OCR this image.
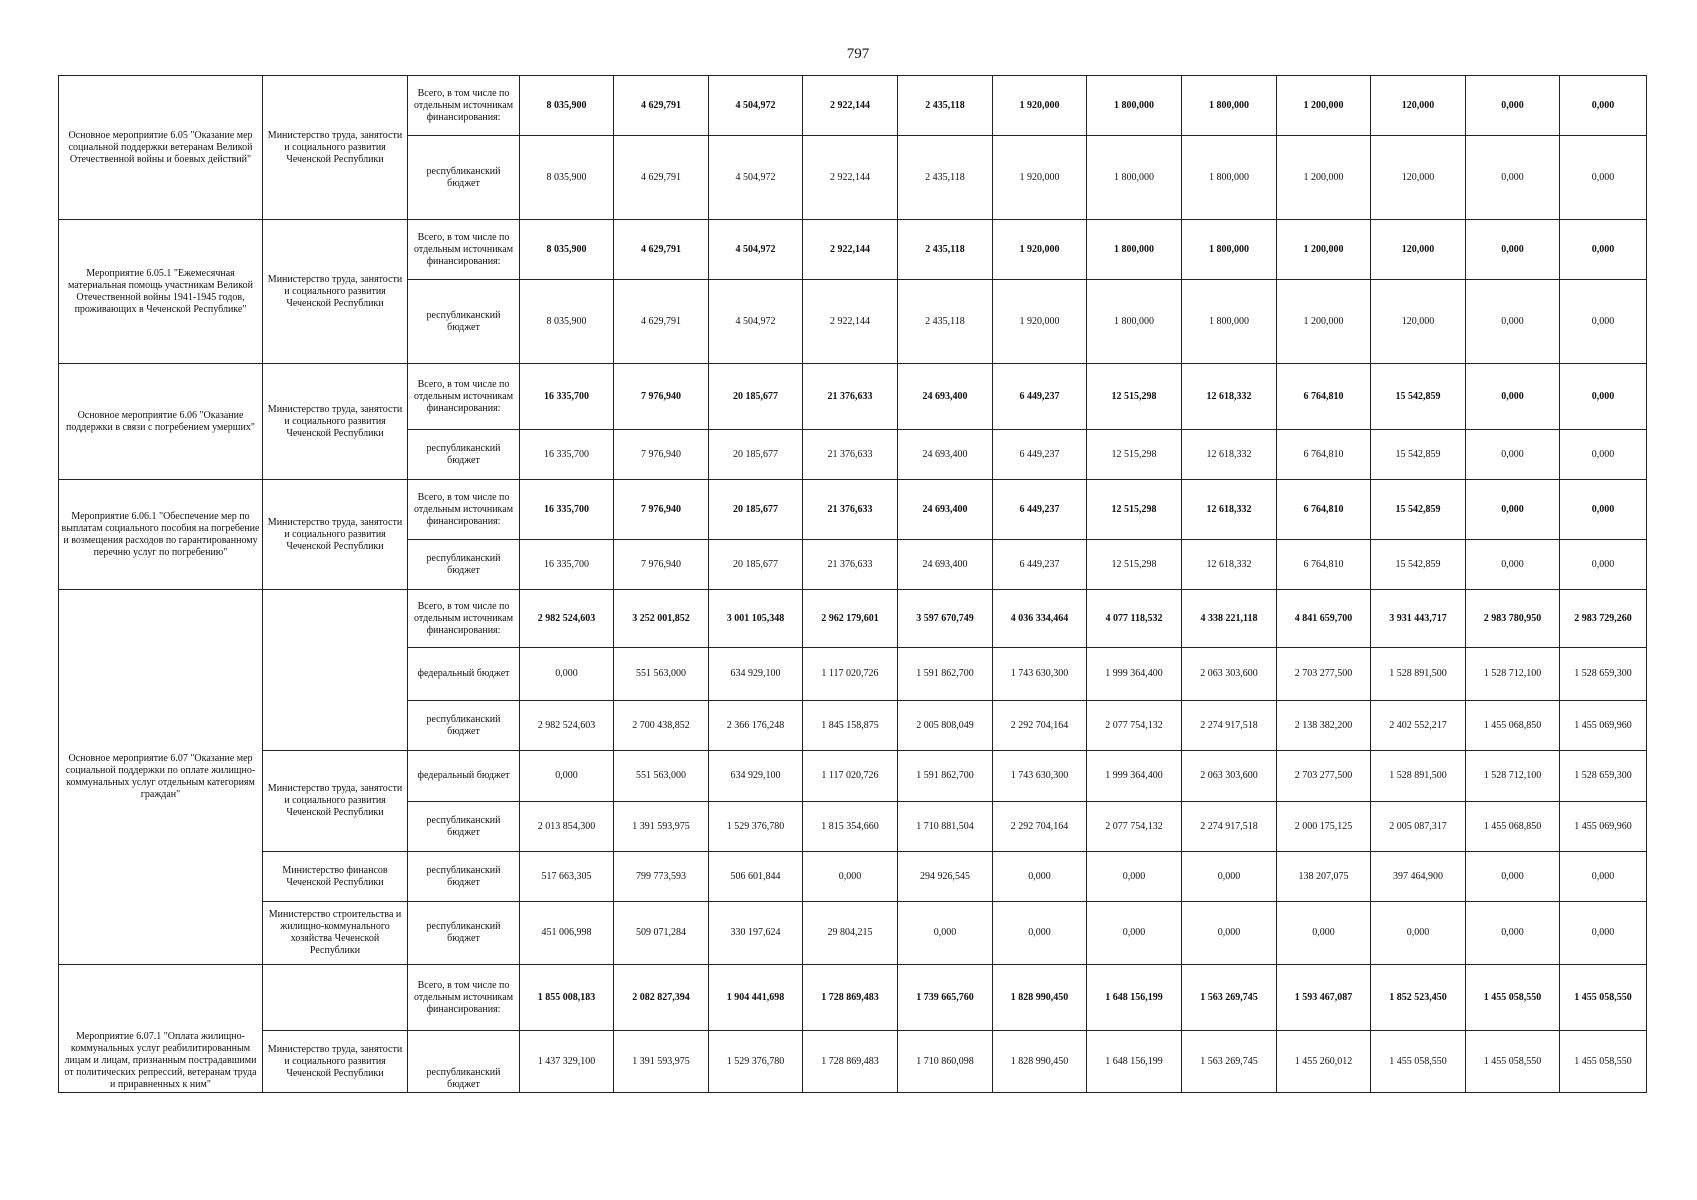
797
Основное мероприятие 6.05 "Оказание мер социальной поддержки ветеранам Великой Отечественной войны и боевых действий"	Министерство труда, занятости и социального развития Чеченской Республики	Всего, в том числе по отдельным источникам финансирования:	8 035,900	4 629,791	4 504,972	2 922,144	2 435,118	1 920,000	1 800,000	1 800,000	1 200,000	120,000	0,000	0,000
		республиканский бюджет	8 035,900	4 629,791	4 504,972	2 922,144	2 435,118	1 920,000	1 800,000	1 800,000	1 200,000	120,000	0,000	0,000
Мероприятие 6.05.1 "Ежемесячная материальная помощь участникам Великой Отечественной войны 1941-1945 годов, проживающих в Чеченской Республике"	Министерство труда, занятости и социального развития Чеченской Республики	Всего, в том числе по отдельным источникам финансирования:	8 035,900	4 629,791	4 504,972	2 922,144	2 435,118	1 920,000	1 800,000	1 800,000	1 200,000	120,000	0,000	0,000
		республиканский бюджет	8 035,900	4 629,791	4 504,972	2 922,144	2 435,118	1 920,000	1 800,000	1 800,000	1 200,000	120,000	0,000	0,000
Основное мероприятие 6.06 "Оказание поддержки в связи с погребением умерших"	Министерство труда, занятости и социального развития Чеченской Республики	Всего, в том числе по отдельным источникам финансирования:	16 335,700	7 976,940	20 185,677	21 376,633	24 693,400	6 449,237	12 515,298	12 618,332	6 764,810	15 542,859	0,000	0,000
		республиканский бюджет	16 335,700	7 976,940	20 185,677	21 376,633	24 693,400	6 449,237	12 515,298	12 618,332	6 764,810	15 542,859	0,000	0,000
Мероприятие 6.06.1 "Обеспечение мер по выплатам социального пособия на погребение и возмещения расходов по гарантированному перечню услуг по погребению"	Министерство труда, занятости и социального развития Чеченской Республики	Всего, в том числе по отдельным источникам финансирования:	16 335,700	7 976,940	20 185,677	21 376,633	24 693,400	6 449,237	12 515,298	12 618,332	6 764,810	15 542,859	0,000	0,000
		республиканский бюджет	16 335,700	7 976,940	20 185,677	21 376,633	24 693,400	6 449,237	12 515,298	12 618,332	6 764,810	15 542,859	0,000	0,000
Основное мероприятие 6.07 "Оказание мер социальной поддержки по оплате жилищно-коммунальных услуг отдельным категориям граждан"		Всего, в том числе по отдельным источникам финансирования:	2 982 524,603	3 252 001,852	3 001 105,348	2 962 179,601	3 597 670,749	4 036 334,464	4 077 118,532	4 338 221,118	4 841 659,700	3 931 443,717	2 983 780,950	2 983 729,260
		федеральный бюджет	0,000	551 563,000	634 929,100	1 117 020,726	1 591 862,700	1 743 630,300	1 999 364,400	2 063 303,600	2 703 277,500	1 528 891,500	1 528 712,100	1 528 659,300
		республиканский бюджет	2 982 524,603	2 700 438,852	2 366 176,248	1 845 158,875	2 005 808,049	2 292 704,164	2 077 754,132	2 274 917,518	2 138 382,200	2 402 552,217	1 455 068,850	1 455 069,960
	Министерство труда, занятости и социального развития Чеченской Республики	федеральный бюджет	0,000	551 563,000	634 929,100	1 117 020,726	1 591 862,700	1 743 630,300	1 999 364,400	2 063 303,600	2 703 277,500	1 528 891,500	1 528 712,100	1 528 659,300
		республиканский бюджет	2 013 854,300	1 391 593,975	1 529 376,780	1 815 354,660	1 710 881,504	2 292 704,164	2 077 754,132	2 274 917,518	2 000 175,125	2 005 087,317	1 455 068,850	1 455 069,960
	Министерство финансов Чеченской Республики	республиканский бюджет	517 663,305	799 773,593	506 601,844	0,000	294 926,545	0,000	0,000	0,000	138 207,075	397 464,900	0,000	0,000
	Министерство строительства и жилищно-коммунального хозяйства Чеченской Республики	республиканский бюджет	451 006,998	509 071,284	330 197,624	29 804,215	0,000	0,000	0,000	0,000	0,000	0,000	0,000	0,000
Мероприятие 6.07.1 "Оплата жилищно-коммунальных услуг реабилитированным лицам и лицам, признанным пострадавшими от политических репрессий, ветеранам труда и приравненных к ним"		Всего, в том числе по отдельным источникам финансирования:	1 855 008,183	2 082 827,394	1 904 441,698	1 728 869,483	1 739 665,760	1 828 990,450	1 648 156,199	1 563 269,745	1 593 467,087	1 852 523,450	1 455 058,550	1 455 058,550
	Министерство труда, занятости и социального развития Чеченской Республики	республиканский бюджет	1 437 329,100	1 391 593,975	1 529 376,780	1 728 869,483	1 710 860,098	1 828 990,450	1 648 156,199	1 563 269,745	1 455 260,012	1 455 058,550	1 455 058,550	1 455 058,550
